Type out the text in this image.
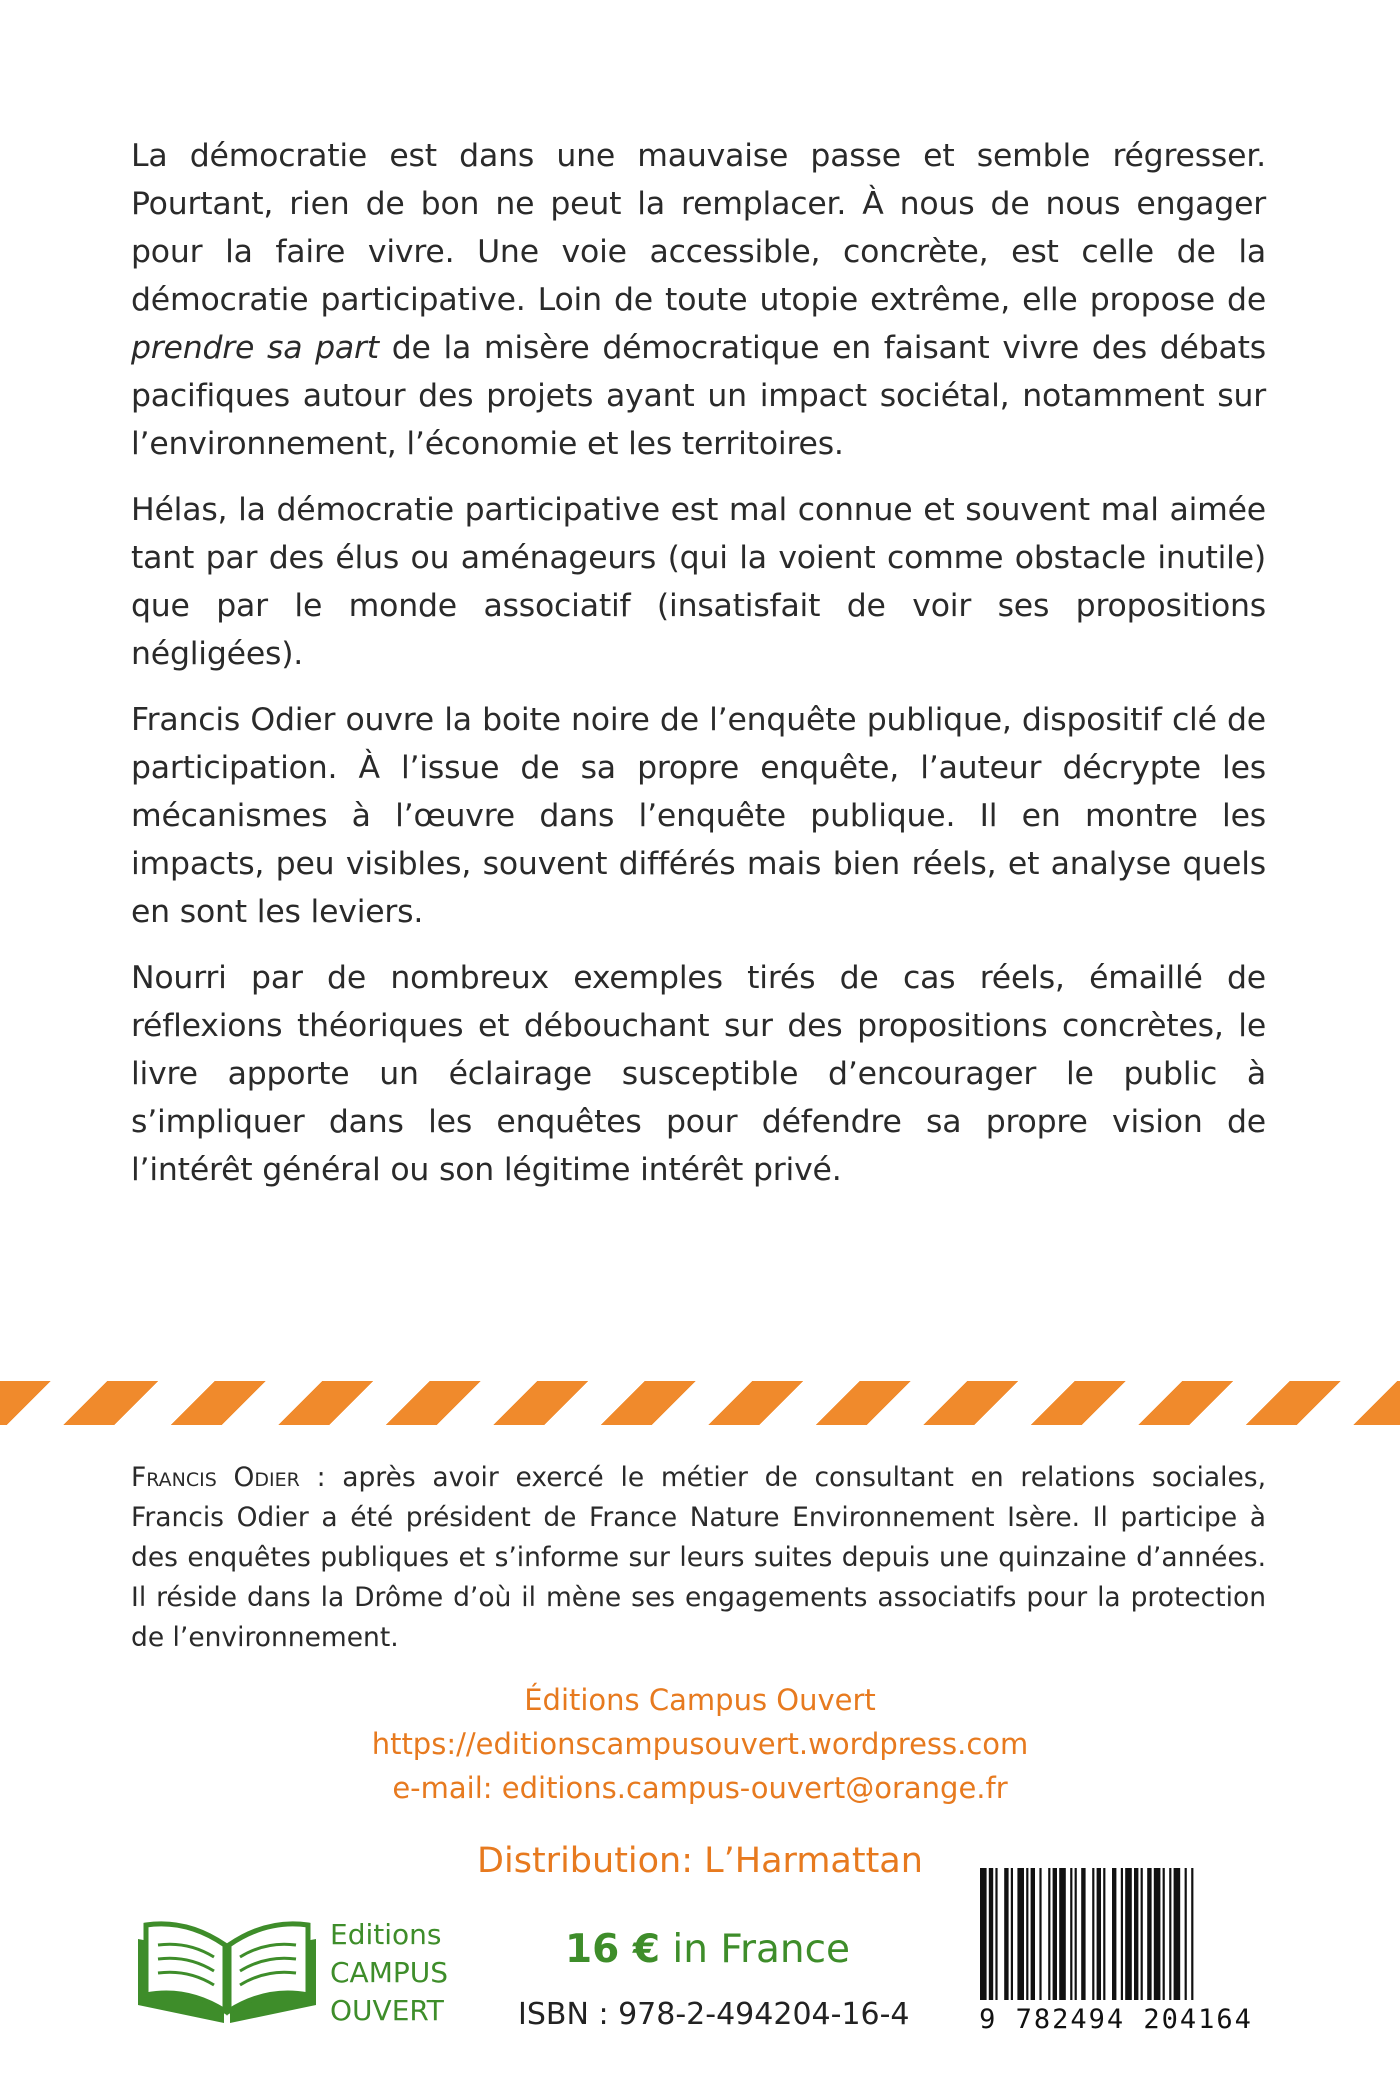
La démocratie est dans une mauvaise passe et semble régresser. Pourtant, rien de bon ne peut la remplacer. À nous de nous engager pour la faire vivre. Une voie accessible, concrète, est celle de la démocratie participative. Loin de toute utopie extrême, elle propose de prendre sa part de la misère démocratique en faisant vivre des débats pacifiques autour des projets ayant un impact sociétal, notamment sur l’environnement, l’économie et les territoires.

Hélas, la démocratie participative est mal connue et souvent mal aimée tant par des élus ou aménageurs (qui la voient comme obstacle inutile) que par le monde associatif (insatisfait de voir ses propositions négligées).

Francis Odier ouvre la boite noire de l’enquête publique, dispositif clé de participation. À l’issue de sa propre enquête, l’auteur décrypte les mécanismes à l’œuvre dans l’enquête publique. Il en montre les impacts, peu visibles, souvent différés mais bien réels, et analyse quels en sont les leviers.

Nourri par de nombreux exemples tirés de cas réels, émaillé de réflexions théoriques et débouchant sur des propositions concrètes, le livre apporte un éclairage susceptible d’encourager le public à s’impliquer dans les enquêtes pour défendre sa propre vision de l’intérêt général ou son légitime intérêt privé.

Francis Odier : après avoir exercé le métier de consultant en relations sociales, Francis Odier a été président de France Nature Environnement Isère. Il participe à des enquêtes publiques et s’informe sur leurs suites depuis une quinzaine d’années. Il réside dans la Drôme d’où il mène ses engagements associatifs pour la protection de l’environnement.
Éditions Campus Ouvert
https://editionscampusouvert.wordpress.com
e-mail: editions.campus-ouvert@orange.fr
Distribution: L’Harmattan
Editions
CAMPUS
OUVERT
16 € in France
ISBN : 978-2-494204-16-4	9 782494 204164
